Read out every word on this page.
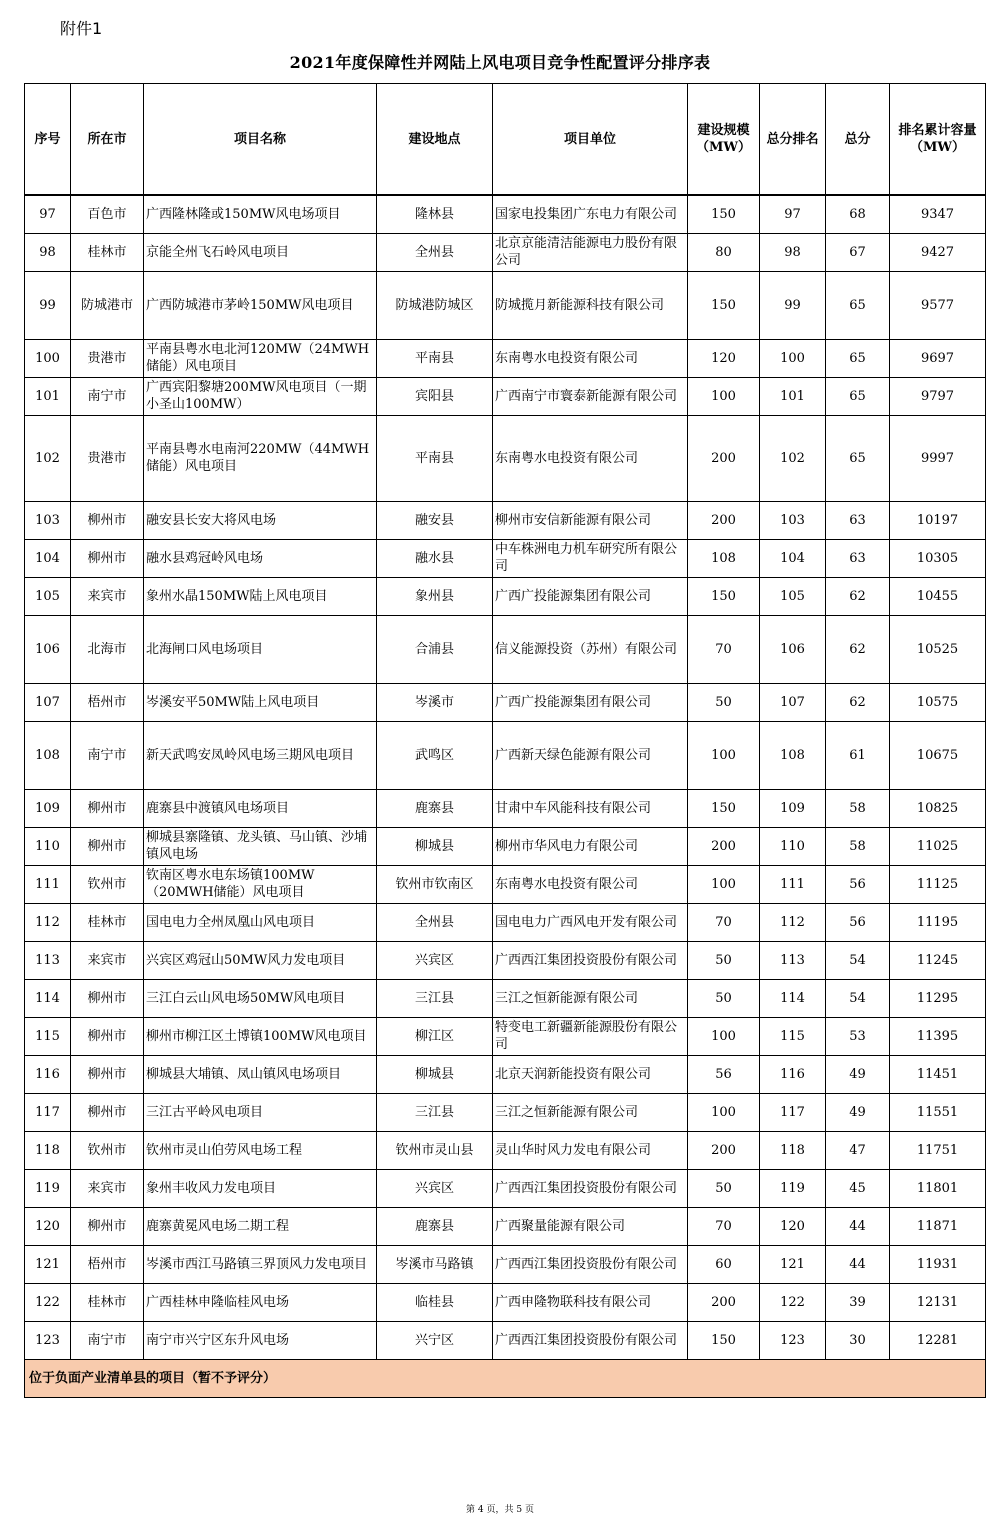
附件1
2021年度保障性并网陆上风电项目竞争性配置评分排序表
序号	所在市	项目名称	建设地点	项目单位	建设规模（MW）	总分排名	总分	排名累计容量（MW）
97	百色市	广西隆林隆或150MW风电场项目	隆林县	国家电投集团广东电力有限公司	150	97	68	9347
98	桂林市	京能全州飞石岭风电项目	全州县	北京京能清洁能源电力股份有限公司	80	98	67	9427
99	防城港市	广西防城港市茅岭150MW风电项目	防城港防城区	防城揽月新能源科技有限公司	150	99	65	9577
100	贵港市	平南县粤水电北河120MW（24MWH储能）风电项目	平南县	东南粤水电投资有限公司	120	100	65	9697
101	南宁市	广西宾阳黎塘200MW风电项目（一期小圣山100MW）	宾阳县	广西南宁市寰泰新能源有限公司	100	101	65	9797
102	贵港市	平南县粤水电南河220MW（44MWH储能）风电项目	平南县	东南粤水电投资有限公司	200	102	65	9997
103	柳州市	融安县长安大将风电场	融安县	柳州市安信新能源有限公司	200	103	63	10197
104	柳州市	融水县鸡冠岭风电场	融水县	中车株洲电力机车研究所有限公司	108	104	63	10305
105	来宾市	象州水晶150MW陆上风电项目	象州县	广西广投能源集团有限公司	150	105	62	10455
106	北海市	北海闸口风电场项目	合浦县	信义能源投资（苏州）有限公司	70	106	62	10525
107	梧州市	岑溪安平50MW陆上风电项目	岑溪市	广西广投能源集团有限公司	50	107	62	10575
108	南宁市	新天武鸣安凤岭风电场三期风电项目	武鸣区	广西新天绿色能源有限公司	100	108	61	10675
109	柳州市	鹿寨县中渡镇风电场项目	鹿寨县	甘肃中车风能科技有限公司	150	109	58	10825
110	柳州市	柳城县寨隆镇、龙头镇、马山镇、沙埔镇风电场	柳城县	柳州市华风电力有限公司	200	110	58	11025
111	钦州市	钦南区粤水电东场镇100MW（20MWH储能）风电项目	钦州市钦南区	东南粤水电投资有限公司	100	111	56	11125
112	桂林市	国电电力全州凤凰山风电项目	全州县	国电电力广西风电开发有限公司	70	112	56	11195
113	来宾市	兴宾区鸡冠山50MW风力发电项目	兴宾区	广西西江集团投资股份有限公司	50	113	54	11245
114	柳州市	三江白云山风电场50MW风电项目	三江县	三江之恒新能源有限公司	50	114	54	11295
115	柳州市	柳州市柳江区土博镇100MW风电项目	柳江区	特变电工新疆新能源股份有限公司	100	115	53	11395
116	柳州市	柳城县大埔镇、凤山镇风电场项目	柳城县	北京天润新能投资有限公司	56	116	49	11451
117	柳州市	三江古平岭风电项目	三江县	三江之恒新能源有限公司	100	117	49	11551
118	钦州市	钦州市灵山伯劳风电场工程	钦州市灵山县	灵山华时风力发电有限公司	200	118	47	11751
119	来宾市	象州丰收风力发电项目	兴宾区	广西西江集团投资股份有限公司	50	119	45	11801
120	柳州市	鹿寨黄冕风电场二期工程	鹿寨县	广西聚量能源有限公司	70	120	44	11871
121	梧州市	岑溪市西江马路镇三界顶风力发电项目	岑溪市马路镇	广西西江集团投资股份有限公司	60	121	44	11931
122	桂林市	广西桂林申隆临桂风电场	临桂县	广西申隆物联科技有限公司	200	122	39	12131
123	南宁市	南宁市兴宁区东升风电场	兴宁区	广西西江集团投资股份有限公司	150	123	30	12281
位于负面产业清单县的项目（暂不予评分）								
第 4 页，共 5 页
